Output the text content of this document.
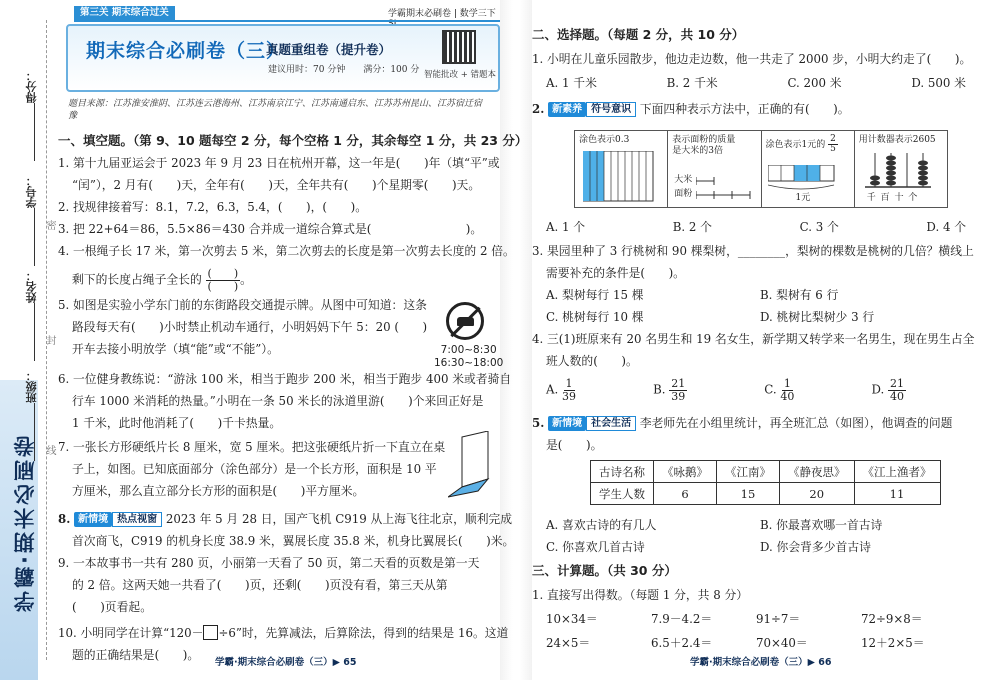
学霸·期末必刷卷
得分：
学号：
姓名：
班级：
密
封
线
第三关 期末综合过关	学霸期末必刷卷 | 数学三下
期末综合必刷卷（三）
真题重组卷（提升卷）
建议用时：70 分钟　　满分：100 分 智能批改 + 错题本
题目来源：江苏淮安淮阴、江苏连云港海州、江苏南京江宁、江苏南通启东、江苏苏州昆山、江苏宿迁宿豫
一、填空题。（第 9、10 题每空 2 分，每个空格 1 分，其余每空 1 分，共 23 分）
1. 第十九届亚运会于 2023 年 9 月 23 日在杭州开幕，这一年是(　　)年（填“平”或
“闰”），2 月有(　　)天，全年有(　　)天，全年共有(　　)个星期零(　　)天。
2. 找规律接着写：8.1，7.2，6.3，5.4，(　　)，(　　)。
3. 把 22+64＝86，5.5×86＝430 合并成一道综合算式是(　　　　　　　　)。
4. 一根绳子长 17 米，第一次剪去 5 米，第二次剪去的长度是第一次剪去长度的 2 倍。
剩下的长度占绳子全长的 $\frac{( )}{( )}$ 。
5. 如图是实验小学东门前的东街路段交通提示牌。从图中可知道：这条
路段每天有(　　)小时禁止机动车通行，小明妈妈下午 5：20 (　　)
开车去接小明放学（填“能”或“不能”）。	7:00~8:30
16:30~18:00
6. 一位健身教练说：“游泳 100 米，相当于跑步 200 米，相当于跑步 400 米或者骑自
行车 1000 米消耗的热量。”小明在一条 50 米长的泳道里游(　　)个来回正好是
1 千米，此时他消耗了(　　)千卡热量。
7. 一张长方形硬纸片长 8 厘米，宽 5 厘米。把这张硬纸片折一下直立在桌
子上，如图。已知底面部分（涂色部分）是一个长方形，面积是 10 平
方厘米，那么直立部分长方形的面积是(　　)平方厘米。
8. 新情境 热点视窗 2023 年 5 月 28 日，国产飞机 C919 从上海飞往北京，顺利完成
首次商飞，C919 的机身长度 38.9 米，翼展长度 35.8 米，机身比翼展长(　　)米。
9. 一本故事书一共有 280 页，小丽第一天看了 50 页，第二天看的页数是第一天
的 2 倍。这两天她一共看了(　　)页，还剩(　　)页没有看，第三天从第
(　　)页看起。
10. 小明同学在计算“120－ ÷6”时，先算减法，后算除法，得到的结果是 16。这道
题的正确结果是(　　)。
学霸·期末综合必刷卷（三）▶ 65
二、选择题。（每题 2 分，共 10 分）
1. 小明在儿童乐园散步，他边走边数，他一共走了 2000 步，小明大约走了(　　)。
A. 1 千米	B. 2 千米	C. 200 米	D. 500 米
2. 新素养 符号意识 下面四种表示方法中，正确的有(　　)。
涂色表示0.3	表示面粉的质量
是大米的3倍
大米
面粉
涂色表示1元的 $\frac{2}{5}$
1元
用计数器表示2605
千 百 十 个
A. 1 个	B. 2 个	C. 3 个	D. 4 个
3. 果园里种了 3 行桃树和 90 棵梨树，________，梨树的棵数是桃树的几倍？横线上
需要补充的条件是(　　)。
A. 梨树每行 15 棵	B. 梨树有 6 行
C. 桃树每行 10 棵	D. 桃树比梨树少 3 行
4. 三(1)班原来有 20 名男生和 19 名女生，新学期又转学来一名男生，现在男生占全
班人数的(　　)。
A. $\frac{1}{39}$	B. $\frac{21}{39}$	C. $\frac{1}{40}$	D. $\frac{21}{40}$
5. 新情境 社会生活 李老师先在小组里统计，再全班汇总（如图），他调查的问题
是(　　)。
古诗名称	《咏鹅》	《江南》	《静夜思》	《江上渔者》
学生人数	6	15	20	11
A. 喜欢古诗的有几人	B. 你最喜欢哪一首古诗
C. 你喜欢几首古诗	D. 你会背多少首古诗
三、计算题。（共 30 分）
1. 直接写出得数。（每题 1 分，共 8 分）
10×34＝	7.9－4.2＝	91÷7＝	72÷9×8＝
24×5＝	6.5＋2.4＝	70×40＝	12＋2×5＝
学霸·期末综合必刷卷（三）▶ 66
